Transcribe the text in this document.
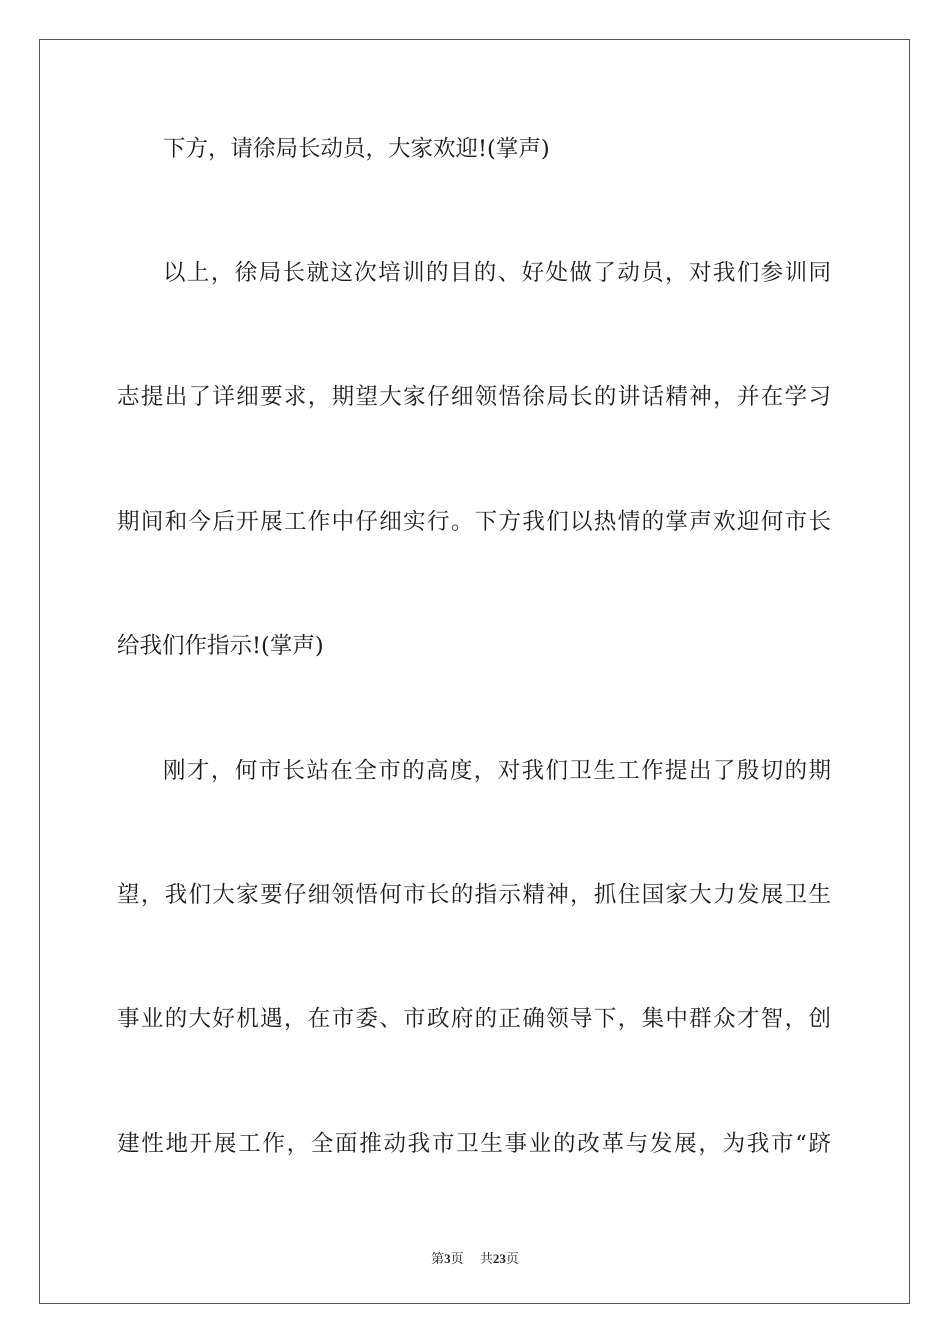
下方，请徐局长动员，大家欢迎!(掌声)
以上，徐局长就这次培训的目的、好处做了动员，对我们参训同
志提出了详细要求，期望大家仔细领悟徐局长的讲话精神，并在学习
期间和今后开展工作中仔细实行。下方我们以热情的掌声欢迎何市长
给我们作指示!(掌声)
刚才，何市长站在全市的高度，对我们卫生工作提出了殷切的期
望，我们大家要仔细领悟何市长的指示精神，抓住国家大力发展卫生
事业的大好机遇，在市委、市政府的正确领导下，集中群众才智，创
建性地开展工作，全面推动我市卫生事业的改革与发展，为我市“跻
第3页 共23页
